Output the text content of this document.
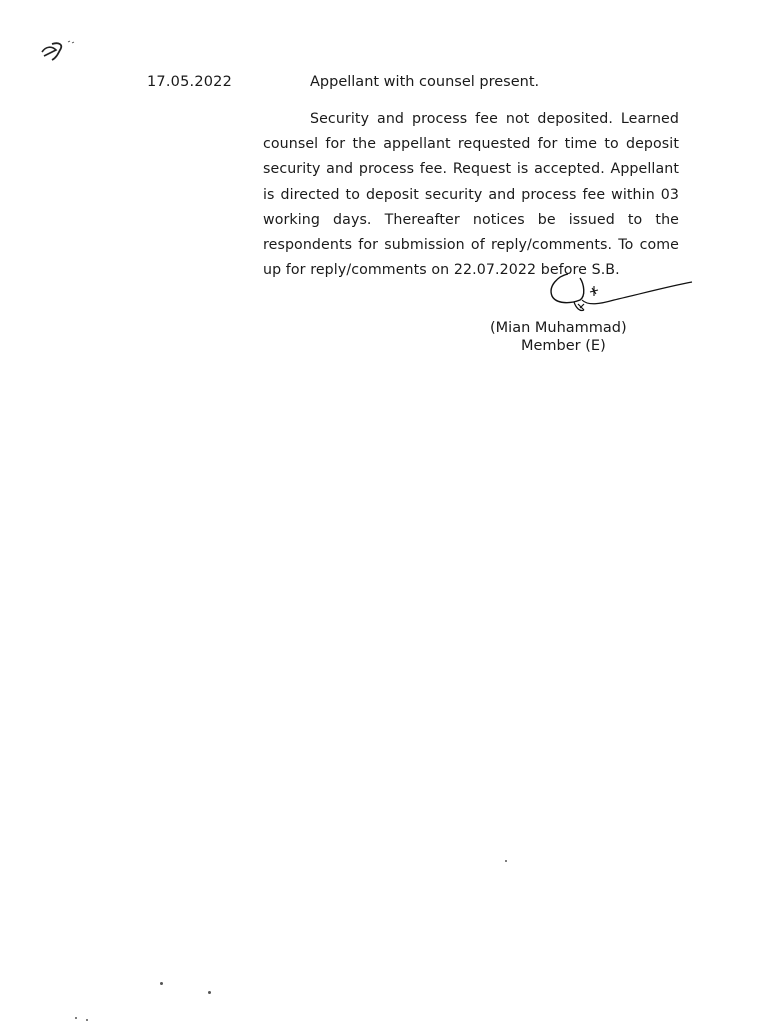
17.05.2022	Appellant with counsel present.

Security and process fee not deposited. Learned counsel for the appellant requested for time to deposit security and process fee. Request is accepted. Appellant is directed to deposit security and process fee within 03 working days. Thereafter notices be issued to the respondents for submission of reply/comments. To come up for reply/comments on 22.07.2022 before S.B.

(Mian Muhammad)
Member (E)
